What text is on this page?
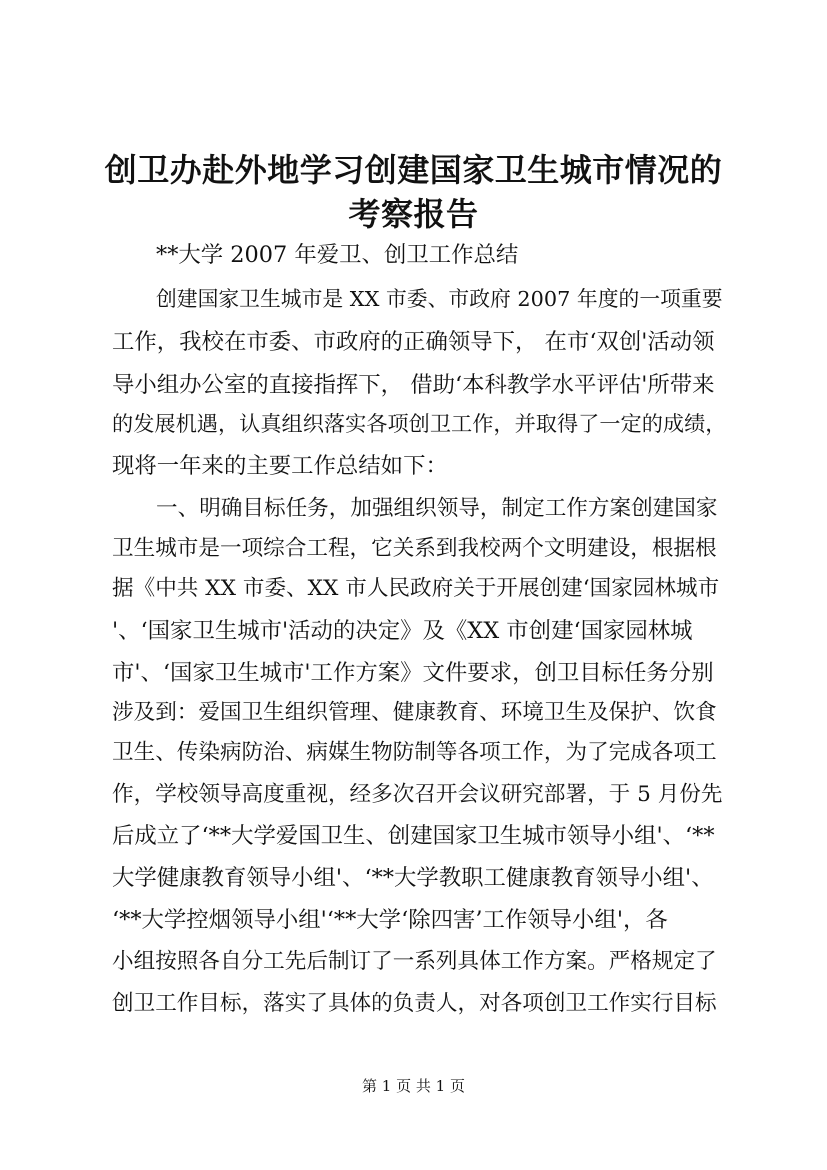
创卫办赴外地学习创建国家卫生城市情况的考察报告

**大学 2007 年爱卫、创卫工作总结

创建国家卫生城市是 XX 市委、市政府 2007 年度的一项重要

工作，我校在市委、市政府的正确领导下， 在市‘双创'活动领

导小组办公室的直接指挥下， 借助‘本科教学水平评估'所带来

的发展机遇，认真组织落实各项创卫工作，并取得了一定的成绩，

现将一年来的主要工作总结如下：

一、明确目标任务，加强组织领导，制定工作方案创建国家

卫生城市是一项综合工程，它关系到我校两个文明建设，根据根

据《中共 XX 市委、XX 市人民政府关于开展创建‘国家园林城市

'、‘国家卫生城市'活动的决定》及《XX 市创建‘国家园林城

市'、‘国家卫生城市'工作方案》文件要求，创卫目标任务分别

涉及到：爱国卫生组织管理、健康教育、环境卫生及保护、饮食

卫生、传染病防治、病媒生物防制等各项工作，为了完成各项工

作，学校领导高度重视，经多次召开会议研究部署，于 5 月份先

后成立了‘**大学爱国卫生、创建国家卫生城市领导小组'、‘**

大学健康教育领导小组'、‘**大学教职工健康教育领导小组'、

‘**大学控烟领导小组'‘**大学‘除四害’工作领导小组'，各

小组按照各自分工先后制订了一系列具体工作方案。严格规定了

创卫工作目标，落实了具体的负责人，对各项创卫工作实行目标

第 1 页 共 1 页
